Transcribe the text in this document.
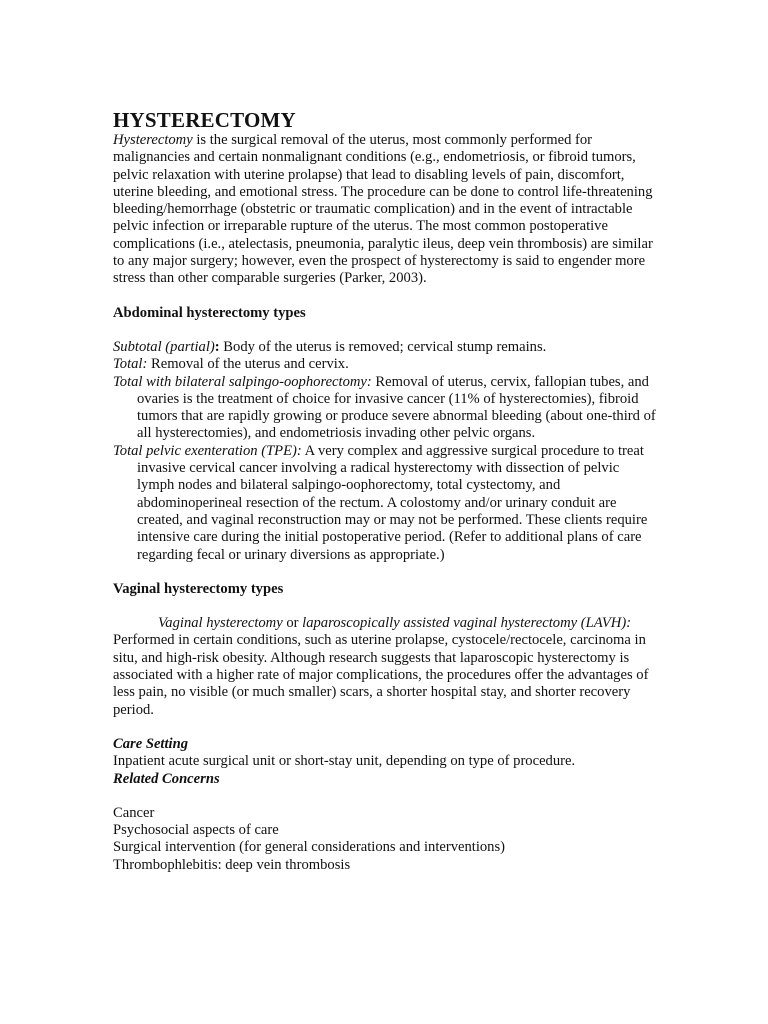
HYSTERECTOMY

Hysterectomy is the surgical removal of the uterus, most commonly performed for malignancies and certain nonmalignant conditions (e.g., endometriosis, or fibroid tumors, pelvic relaxation with uterine prolapse) that lead to disabling levels of pain, discomfort, uterine bleeding, and emotional stress. The procedure can be done to control life-threatening bleeding/hemorrhage (obstetric or traumatic complication) and in the event of intractable pelvic infection or irreparable rupture of the uterus. The most common postoperative complications (i.e., atelectasis, pneumonia, paralytic ileus, deep vein thrombosis) are similar to any major surgery; however, even the prospect of hysterectomy is said to engender more stress than other comparable surgeries (Parker, 2003).

Abdominal hysterectomy types

Subtotal (partial): Body of the uterus is removed; cervical stump remains.

Total: Removal of the uterus and cervix.

Total with bilateral salpingo-oophorectomy: Removal of uterus, cervix, fallopian tubes, and ovaries is the treatment of choice for invasive cancer (11% of hysterectomies), fibroid tumors that are rapidly growing or produce severe abnormal bleeding (about one-third of all hysterectomies), and endometriosis invading other pelvic organs.

Total pelvic exenteration (TPE): A very complex and aggressive surgical procedure to treat invasive cervical cancer involving a radical hysterectomy with dissection of pelvic lymph nodes and bilateral salpingo-oophorectomy, total cystectomy, and abdominoperineal resection of the rectum. A colostomy and/or urinary conduit are created, and vaginal reconstruction may or may not be performed. These clients require intensive care during the initial postoperative period. (Refer to additional plans of care regarding fecal or urinary diversions as appropriate.)

Vaginal hysterectomy types

Vaginal hysterectomy or laparoscopically assisted vaginal hysterectomy (LAVH): Performed in certain conditions, such as uterine prolapse, cystocele/rectocele, carcinoma in situ, and high-risk obesity. Although research suggests that laparoscopic hysterectomy is associated with a higher rate of major complications, the procedures offer the advantages of less pain, no visible (or much smaller) scars, a shorter hospital stay, and shorter recovery period.

Care Setting

Inpatient acute surgical unit or short-stay unit, depending on type of procedure.

Related Concerns

Cancer

Psychosocial aspects of care

Surgical intervention (for general considerations and interventions)

Thrombophlebitis: deep vein thrombosis
